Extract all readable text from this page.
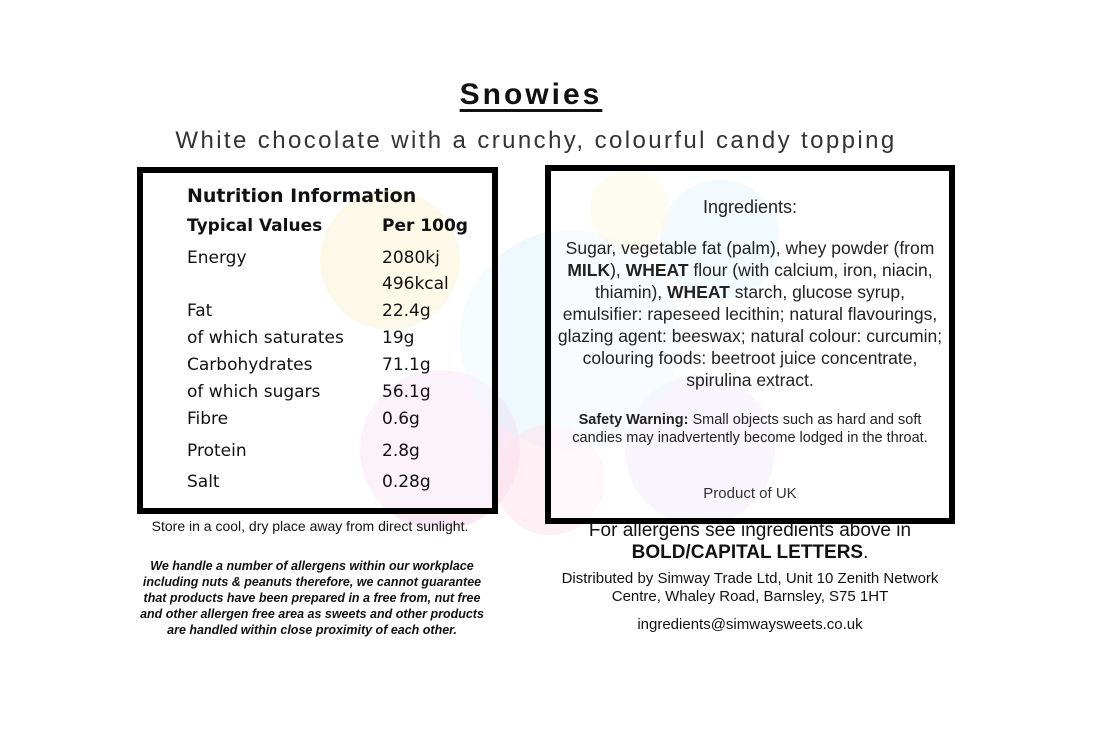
Snowies
White chocolate with a crunchy, colourful candy topping
Nutrition Information
Typical Values	Per 100g
Energy	2080kj
496kcal
Fat	22.4g
of which saturates 19g
Carbohydrates	71.1g
of which sugars	56.1g
Fibre	0.6g
Protein	2.8g
Salt	0.28g
Ingredients:
Sugar, vegetable fat (palm), whey powder (from MILK), WHEAT flour (with calcium, iron, niacin, thiamin), WHEAT starch, glucose syrup, emulsifier: rapeseed lecithin; natural flavourings, glazing agent: beeswax; natural colour: curcumin; colouring foods: beetroot juice concentrate, spirulina extract.
Safety Warning: Small objects such as hard and soft candies may inadvertently become lodged in the throat.
Product of UK
Store in a cool, dry place away from direct sunlight.
We handle a number of allergens within our workplace including nuts & peanuts therefore, we cannot guarantee that products have been prepared in a free from, nut free and other allergen free area as sweets and other products are handled within close proximity of each other.
For allergens see ingredients above in BOLD/CAPITAL LETTERS.
Distributed by Simway Trade Ltd, Unit 10 Zenith Network Centre, Whaley Road, Barnsley, S75 1HT
ingredients@simwaysweets.co.uk
